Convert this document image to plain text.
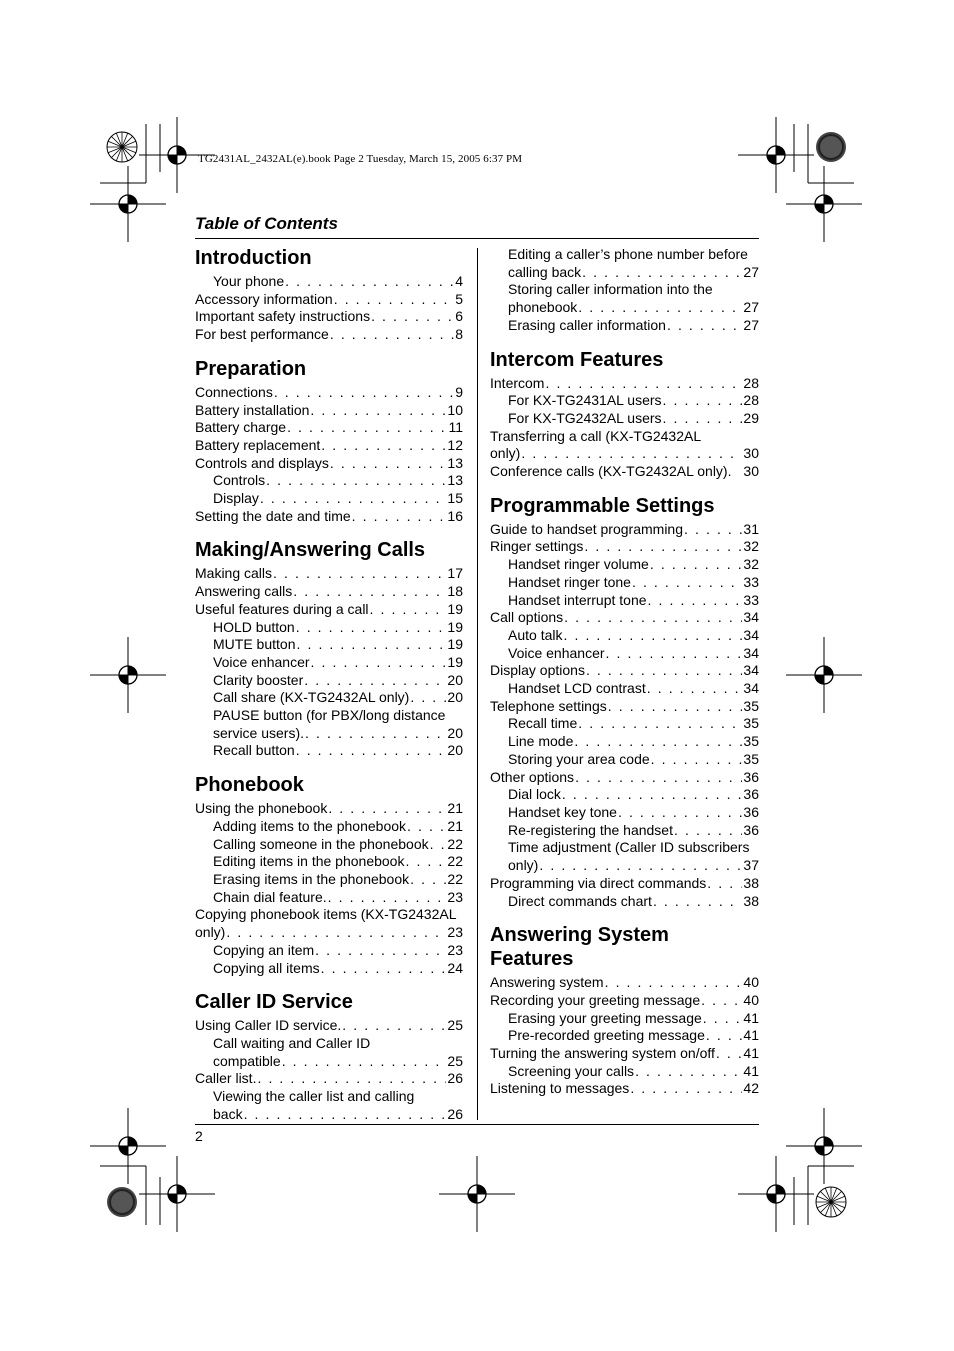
TG2431AL_2432AL(e).book Page 2 Tuesday, March 15, 2005 6:37 PM
Table of Contents
Introduction
Your phone . . .	4
Accessory information . . .	5
Important safety instructions . . .	6
For best performance . . .	8
Preparation
Connections . . .	9
Battery installation . . .	10
Battery charge . . .	11
Battery replacement . . .	12
Controls and displays . . .	13
Controls . . .	13
Display . . .	15
Setting the date and time . . .	16
Making/Answering Calls
Making calls . . .	17
Answering calls . . .	18
Useful features during a call . . .	19
HOLD button . . .	19
MUTE button . . .	19
Voice enhancer . . .	19
Clarity booster . . .	20
Call share (KX-TG2432AL only) . . .	20
PAUSE button (for PBX/long distance
service users). . . .	20
Recall button . . .	20
Phonebook
Using the phonebook . . .	21
Adding items to the phonebook . . .	21
Calling someone in the phonebook . . . 22
Editing items in the phonebook . . .	22
Erasing items in the phonebook . . .	22
Chain dial feature. . . .	23
Copying phonebook items (KX-TG2432AL
only) . . .	23
Copying an item . . .	23
Copying all items . . .	24
Caller ID Service
Using Caller ID service. . . .	25
Call waiting and Caller ID
compatible . . .	25
Caller list. . . .	26
Viewing the caller list and calling
back . . .	26
Editing a caller’s phone number before
calling back . . .	27
Storing caller information into the
phonebook . . .	27
Erasing caller information . . .	27
Intercom Features
Intercom . . .	28
For KX-TG2431AL users . . .	28
For KX-TG2432AL users . . .	29
Transferring a call (KX-TG2432AL
only) . . .	30
Conference calls (KX-TG2432AL only). 30
Programmable Settings
Guide to handset programming . . .	31
Ringer settings . . .	32
Handset ringer volume . . .	32
Handset ringer tone . . .	33
Handset interrupt tone . . .	33
Call options . . .	34
Auto talk . . .	34
Voice enhancer . . .	34
Display options . . .	34
Handset LCD contrast . . .	34
Telephone settings . . .	35
Recall time . . .	35
Line mode . . .	35
Storing your area code . . .	35
Other options . . .	36
Dial lock . . .	36
Handset key tone . . .	36
Re-registering the handset . . .	36
Time adjustment (Caller ID subscribers
only) . . .	37
Programming via direct commands . . .	38
Direct commands chart . . .	38
Answering System
Features
Answering system . . .	40
Recording your greeting message . . .	40
Erasing your greeting message . . .	41
Pre-recorded greeting message . . .	41
Turning the answering system on/off . . . 41
Screening your calls . . .	41
Listening to messages . . .	42
2
